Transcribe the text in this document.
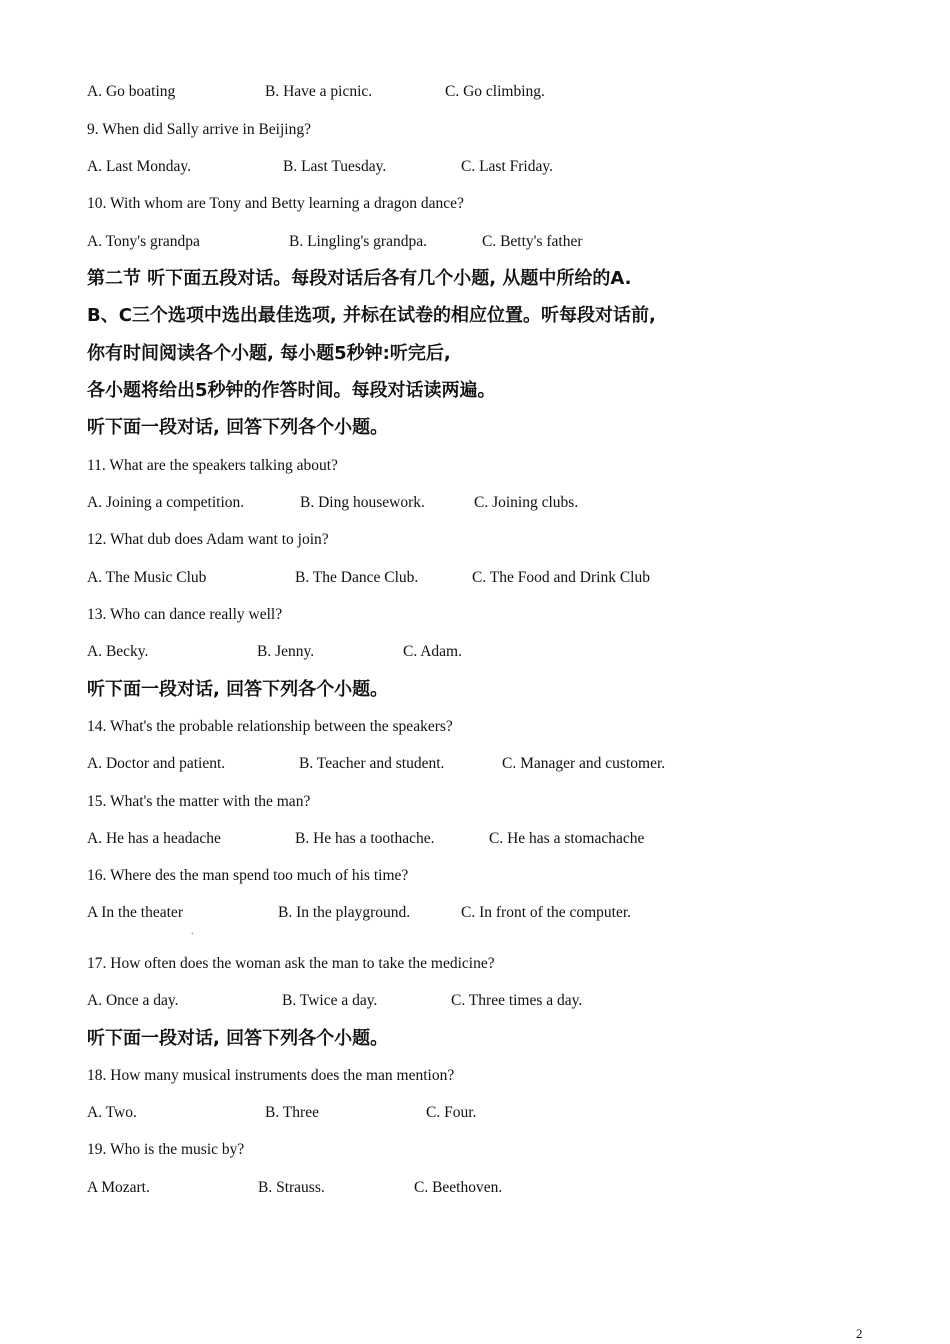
A. Go boating	B. Have a picnic.	C. Go climbing.
9. When did Sally arrive in Beijing?
A. Last Monday.	B. Last Tuesday.	C. Last Friday.
10. With whom are Tony and Betty learning a dragon dance?
A. Tony's grandpa	B. Lingling's grandpa.	C. Betty's father
第二节 听下面五段对话。每段对话后各有几个小题, 从题中所给的A.
B、C三个选项中选出最佳选项, 并标在试卷的相应位置。听每段对话前,
你有时间阅读各个小题, 每小题5秒钟:听完后,
各小题将给出5秒钟的作答时间。每段对话读两遍。
听下面一段对话, 回答下列各个小题。
11. What are the speakers talking about?
A. Joining a competition.	B. Ding housework.	C. Joining clubs.
12. What dub does Adam want to join?
A. The Music Club	B. The Dance Club.	C. The Food and Drink Club
13. Who can dance really well?
A. Becky.	B. Jenny.	C. Adam.
听下面一段对话, 回答下列各个小题。
14. What's the probable relationship between the speakers?
A. Doctor and patient.	B. Teacher and student.	C. Manager and customer.
15. What's the matter with the man?
A. He has a headache	B. He has a toothache.	C. He has a stomachache
16. Where des the man spend too much of his time?
A In the theater	B. In the playground.	C. In front of the computer.
.
17. How often does the woman ask the man to take the medicine?
A. Once a day.	B. Twice a day.	C. Three times a day.
听下面一段对话, 回答下列各个小题。
18. How many musical instruments does the man mention?
A. Two.	B. Three	C. Four.
19. Who is the music by?
A Mozart.	B. Strauss.	C. Beethoven.
2
